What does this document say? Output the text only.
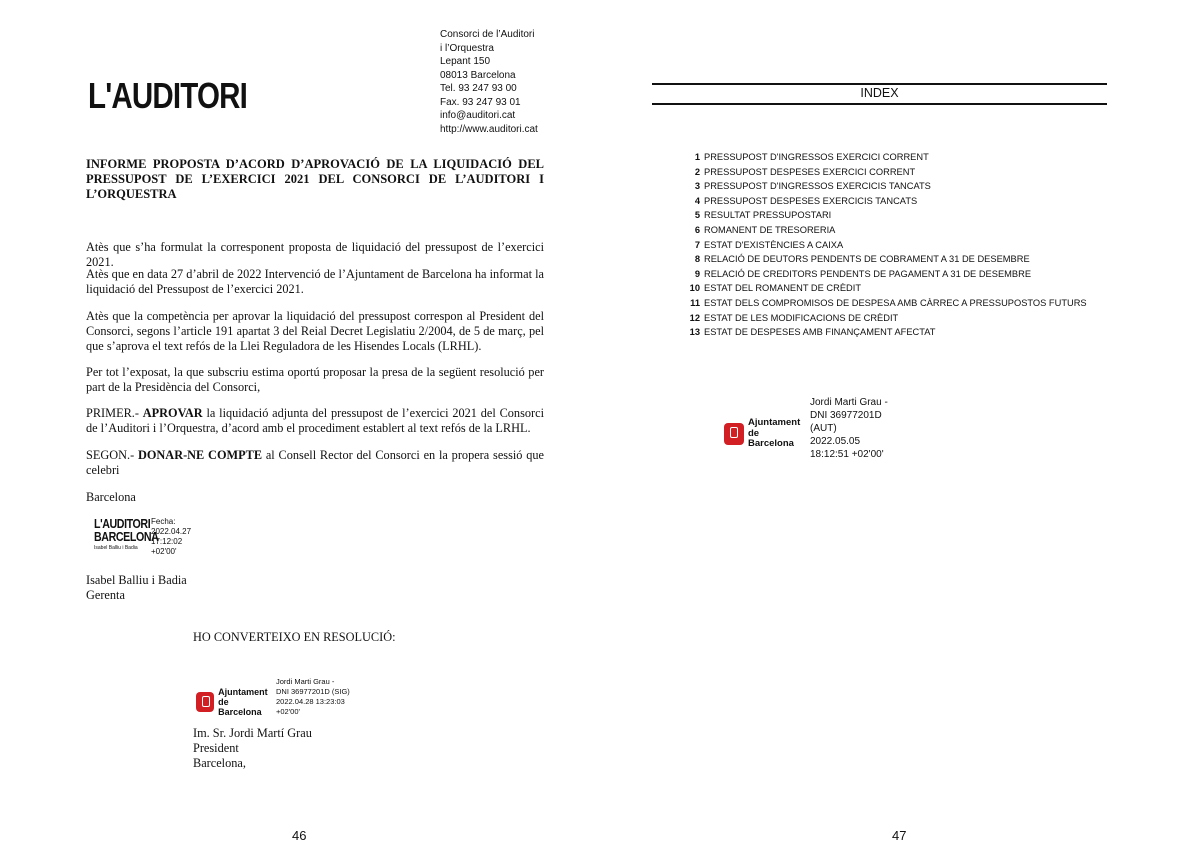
L'AUDITORI
Consorci de l’Auditori
i l’Orquestra
Lepant 150
08013 Barcelona
Tel. 93 247 93 00
Fax. 93 247 93 01
info@auditori.cat
http://www.auditori.cat
INFORME PROPOSTA D’ACORD D’APROVACIÓ DE LA LIQUIDACIÓ DEL PRESSUPOST DE L’EXERCICI 2021 DEL CONSORCI DE L’AUDITORI I L’ORQUESTRA
Atès que s’ha formulat la corresponent proposta de liquidació del pressupost de l’exercici 2021.
Atès que en data 27 d’abril de 2022 Intervenció de l’Ajuntament de Barcelona ha informat la liquidació del Pressupost de l’exercici 2021.
Atès que la competència per aprovar la liquidació del pressupost correspon al President del Consorci, segons l’article 191 apartat 3 del Reial Decret Legislatiu 2/2004, de 5 de març, pel que s’aprova el text refós de la Llei Reguladora de les Hisendes Locals (LRHL).
Per tot l’exposat, la que subscriu estima oportú proposar la presa de la següent resolució per part de la Presidència del Consorci,
PRIMER.- APROVAR la liquidació adjunta del pressupost de l’exercici 2021 del Consorci de l’Auditori i l’Orquestra, d’acord amb el procediment establert al text refós de la LRHL.
SEGON.- DONAR-NE COMPTE al Consell Rector del Consorci en la propera sessió que celebri
Barcelona
L'AUDITORI
BARCELONA
Isabel Balliu i Badia
Fecha:
2022.04.27
17:12:02
+02'00'
Isabel Balliu i Badia
Gerenta
HO CONVERTEIXO EN RESOLUCIÓ:
Ajuntament
de Barcelona
Jordi Marti Grau -
DNI 36977201D (SIG)
2022.04.28 13:23:03
+02'00'
Im. Sr. Jordi Martí Grau
President
Barcelona,
46
INDEX
1 PRESSUPOST D'INGRESSOS EXERCICI CORRENT
2 PRESSUPOST DESPESES EXERCICI CORRENT
3 PRESSUPOST D'INGRESSOS EXERCICIS TANCATS
4 PRESSUPOST DESPESES EXERCICIS TANCATS
5 RESULTAT PRESSUPOSTARI
6 ROMANENT DE TRESORERIA
7 ESTAT D'EXISTÈNCIES A CAIXA
8 RELACIÓ DE DEUTORS PENDENTS DE COBRAMENT A 31 DE DESEMBRE
9 RELACIÓ DE CREDITORS PENDENTS DE PAGAMENT A 31 DE DESEMBRE
10 ESTAT DEL ROMANENT DE CRÈDIT
11 ESTAT DELS COMPROMISOS DE DESPESA AMB CÀRREC A PRESSUPOSTOS FUTURS
12 ESTAT DE LES MODIFICACIONS DE CRÈDIT
13 ESTAT DE DESPESES AMB FINANÇAMENT AFECTAT
Ajuntament
de Barcelona
Jordi Marti Grau -
DNI 36977201D
(AUT)
2022.05.05
18:12:51 +02'00'
47
